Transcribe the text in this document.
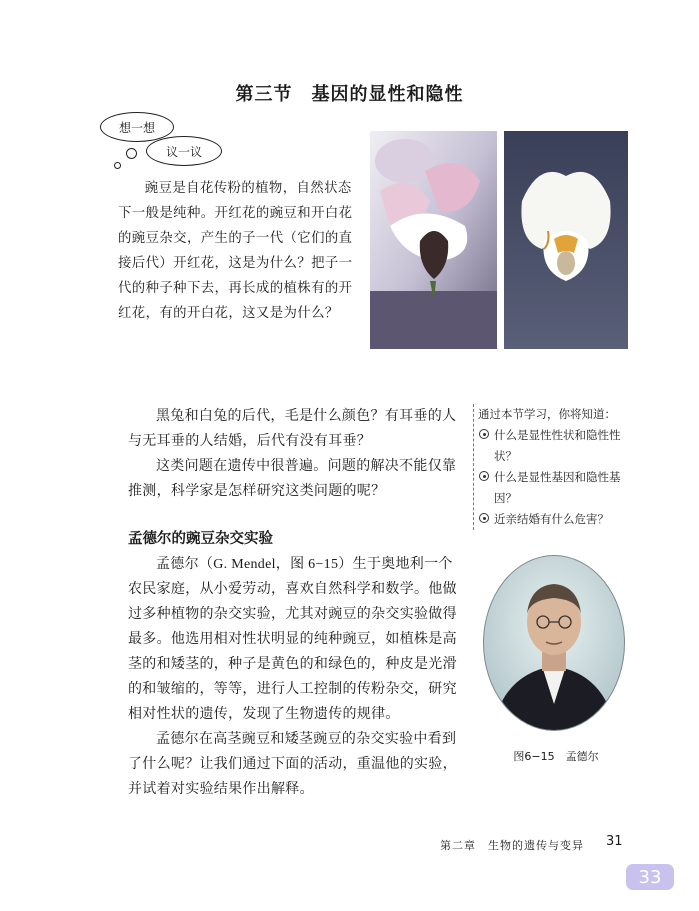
第三节　基因的显性和隐性
想一想
议一议
豌豆是自花传粉的植物，自然状态下一般是纯种。开红花的豌豆和开白花的豌豆杂交，产生的子一代（它们的直接后代）开红花，这是为什么？把子一代的种子种下去，再长成的植株有的开红花，有的开白花，这又是为什么？

黑兔和白兔的后代，毛是什么颜色？有耳垂的人与无耳垂的人结婚，后代有没有耳垂？

这类问题在遗传中很普遍。问题的解决不能仅靠推测，科学家是怎样研究这类问题的呢？

通过本节学习，你将知道：
什么是显性性状和隐性性状？
什么是显性基因和隐性基因？
近亲结婚有什么危害？
孟德尔的豌豆杂交实验

孟德尔（G. Mendel，图 6−15）生于奥地利一个农民家庭，从小爱劳动，喜欢自然科学和数学。他做过多种植物的杂交实验，尤其对豌豆的杂交实验做得最多。他选用相对性状明显的纯种豌豆，如植株是高茎的和矮茎的，种子是黄色的和绿色的，种皮是光滑的和皱缩的，等等，进行人工控制的传粉杂交，研究相对性状的遗传，发现了生物遗传的规律。

孟德尔在高茎豌豆和矮茎豌豆的杂交实验中看到了什么呢？让我们通过下面的活动，重温他的实验，并试着对实验结果作出解释。

图6−15　孟德尔
第二章　生物的遗传与变异 31
33
